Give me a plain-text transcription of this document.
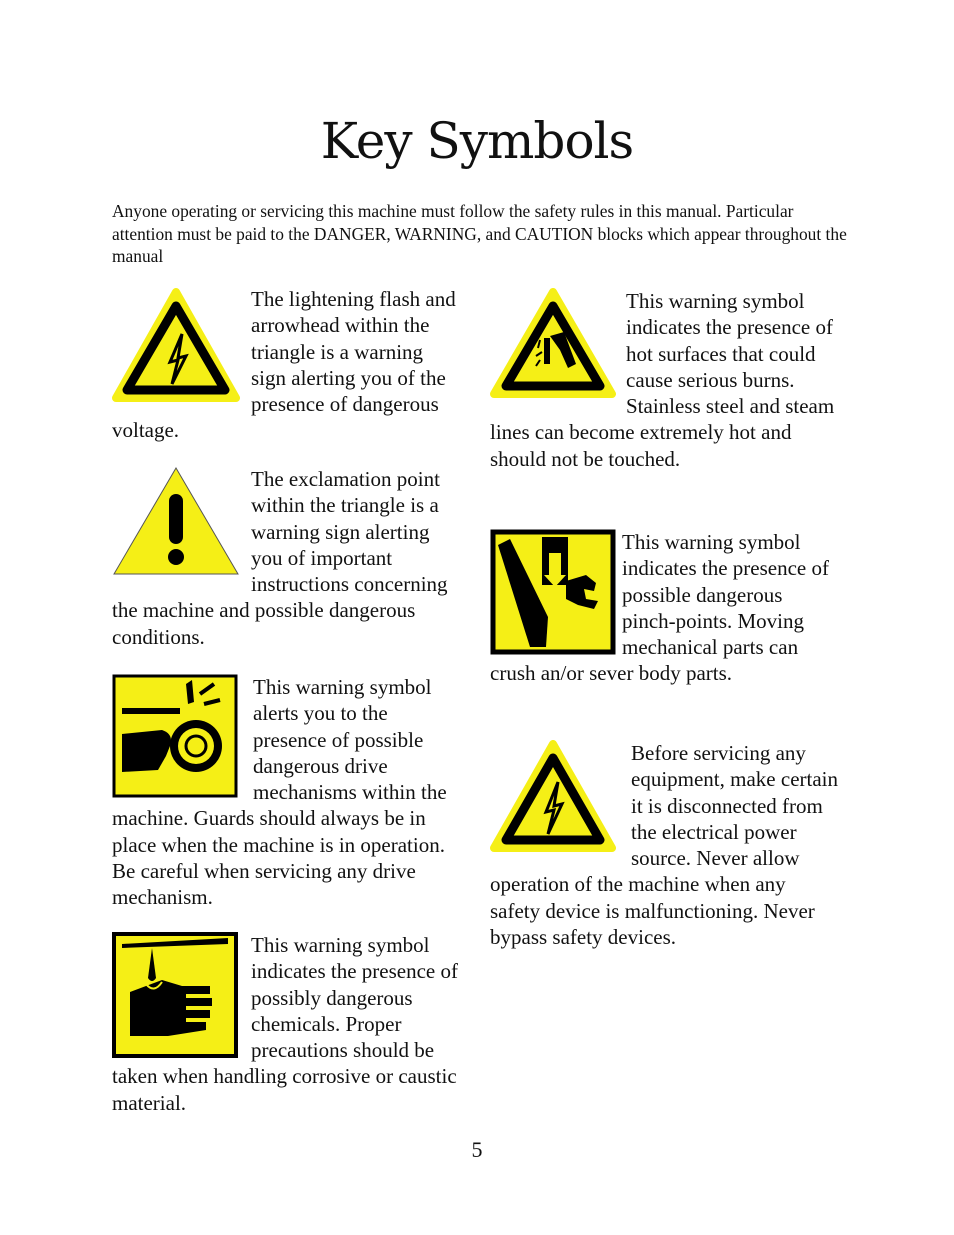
Key Symbols
Anyone operating or servicing this machine must follow the safety rules in this manual. Particular attention must be paid to the DANGER, WARNING, and CAUTION blocks which appear throughout the manual

The lightening flash and arrowhead within the triangle is a warning sign alerting you of the presence of dangerous voltage.

The exclamation point within the triangle is a warning sign alerting you of important instructions concerning the machine and possible dangerous conditions.

This warning symbol alerts you to the presence of possible dangerous drive mechanisms within the machine. Guards should always be in place when the machine is in operation. Be careful when servicing any drive mechanism.

This warning symbol indicates the presence of possibly dangerous chemicals. Proper precautions should be taken when handling corrosive or caustic material.

This warning symbol indicates the presence of hot surfaces that could cause serious burns. Stainless steel and steam lines can become extremely hot and should not be touched.

This warning symbol indicates the presence of possible dangerous pinch-points. Moving mechanical parts can crush an/or sever body parts.

Before servicing any equipment, make certain it is disconnected from the electrical power source. Never allow operation of the machine when any safety device is malfunctioning. Never bypass safety devices.

5
